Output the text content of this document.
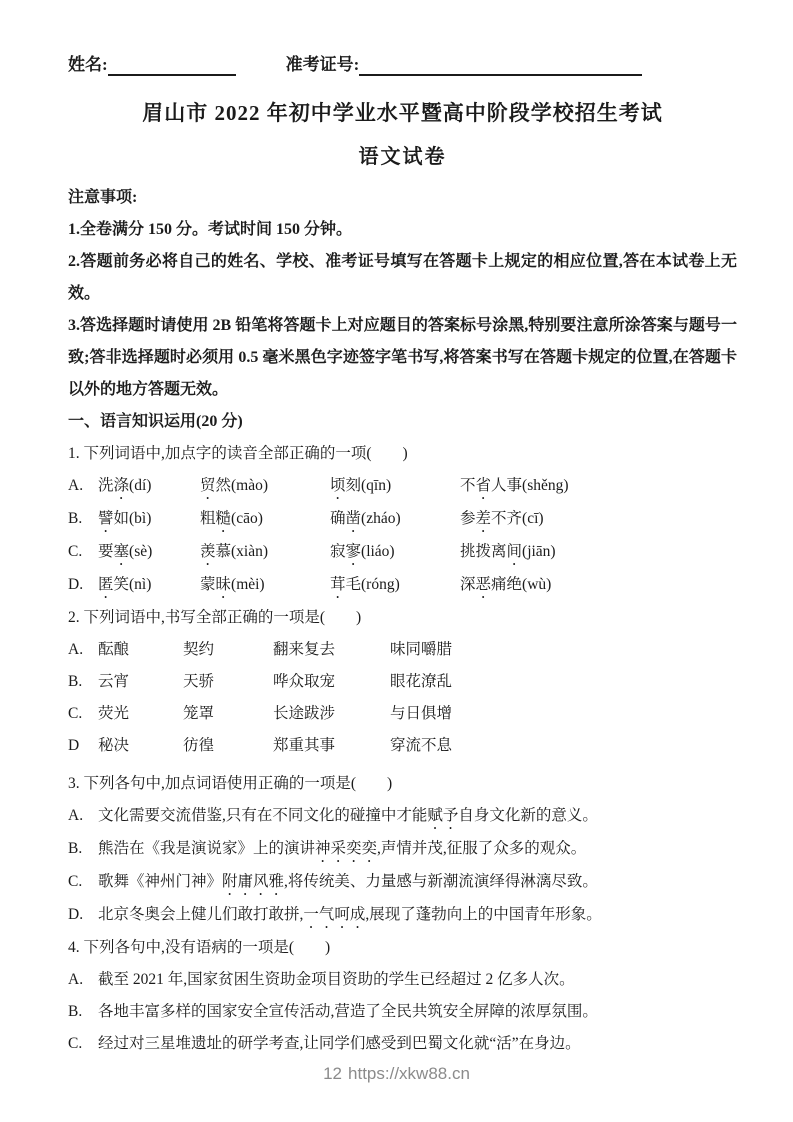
姓名:	准考证号:
眉山市 2022 年初中学业水平暨高中阶段学校招生考试
语文试卷

注意事项:

1.全卷满分 150 分。考试时间 150 分钟。

2.答题前务必将自己的姓名、学校、准考证号填写在答题卡上规定的相应位置,答在本试卷上无效。

3.答选择题时请使用 2B 铅笔将答题卡上对应题目的答案标号涂黑,特别要注意所涂答案与题号一致;答非选择题时必须用 0.5 毫米黑色字迹签字笔书写,将答案书写在答题卡规定的位置,在答题卡以外的地方答题无效。

一、语言知识运用(20 分)

1. 下列词语中,加点字的读音全部正确的一项(　　)

A. 洗涤(dí)	贸然(mào)	顷刻(qīn)	不省人事(shěng)
B.	譬如(bì)	粗糙(cāo)	确凿(zháo)	参差不齐(cī)
C.	要塞(sè)	羡慕(xiàn)	寂寥(liáo)	挑拨离间(jiān)
D. 匿笑(nì)	蒙昧(mèi)	茸毛(róng)	深恶痛绝(wù)

2. 下列词语中,书写全部正确的一项是(　　)

A. 酝酿	契约	翻来复去	味同嚼腊
B.	云宵	天骄	哗众取宠	眼花潦乱
C.	荧光	笼罩	长途跋涉	与日俱增
D	秘决	彷徨	郑重其事	穿流不息

3. 下列各句中,加点词语使用正确的一项是(　　)

A. 文化需要交流借鉴,只有在不同文化的碰撞中才能赋予自身文化新的意义。
B.	熊浩在《我是演说家》上的演讲神采奕奕,声情并茂,征服了众多的观众。
C.	歌舞《神州门神》附庸风雅,将传统美、力量感与新潮流演绎得淋漓尽致。
D. 北京冬奥会上健儿们敢打敢拼,一气呵成,展现了蓬勃向上的中国青年形象。

4. 下列各句中,没有语病的一项是(　　)

A. 截至 2021 年,国家贫困生资助金项目资助的学生已经超过 2 亿多人次。
B.	各地丰富多样的国家安全宣传活动,营造了全民共筑安全屏障的浓厚氛围。
C.	经过对三星堆遗址的研学考查,让同学们感受到巴蜀文化就“活”在身边。
12 https://xkw88.cn
